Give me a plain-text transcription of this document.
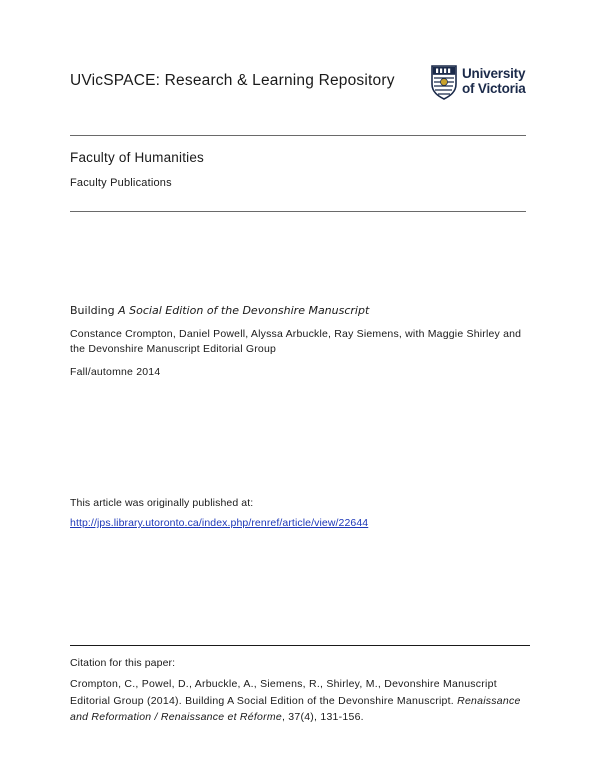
UVicSPACE: Research & Learning Repository	University
of Victoria
Faculty of Humanities
Faculty Publications
Building A Social Edition of the Devonshire Manuscript
Constance Crompton, Daniel Powell, Alyssa Arbuckle, Ray Siemens, with Maggie Shirley and the Devonshire Manuscript Editorial Group
Fall/automne 2014
This article was originally published at:
http://jps.library.utoronto.ca/index.php/renref/article/view/22644
Citation for this paper:
Crompton, C., Powel, D., Arbuckle, A., Siemens, R., Shirley, M., Devonshire Manuscript Editorial Group (2014). Building A Social Edition of the Devonshire Manuscript. Renaissance and Reformation / Renaissance et Réforme, 37(4), 131-156.
